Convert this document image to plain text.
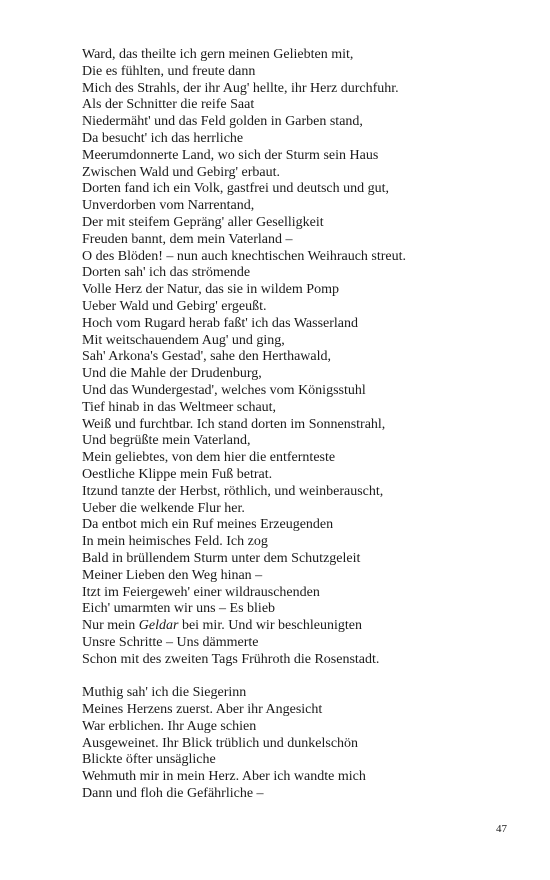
Ward, das theilte ich gern meinen Geliebten mit,
Die es fühlten, und freute dann
Mich des Strahls, der ihr Aug' hellte, ihr Herz durchfuhr.
Als der Schnitter die reife Saat
Niedermäht' und das Feld golden in Garben stand,
Da besucht' ich das herrliche
Meerumdonnerte Land, wo sich der Sturm sein Haus
Zwischen Wald und Gebirg' erbaut.
Dorten fand ich ein Volk, gastfrei und deutsch und gut,
Unverdorben vom Narrentand,
Der mit steifem Gepräng' aller Geselligkeit
Freuden bannt, dem mein Vaterland –
O des Blöden! – nun auch knechtischen Weihrauch streut.
Dorten sah' ich das strömende
Volle Herz der Natur, das sie in wildem Pomp
Ueber Wald und Gebirg' ergeußt.
Hoch vom Rugard herab faßt' ich das Wasserland
Mit weitschauendem Aug' und ging,
Sah' Arkona's Gestad', sahe den Herthawald,
Und die Mahle der Drudenburg,
Und das Wundergestad', welches vom Königsstuhl
Tief hinab in das Weltmeer schaut,
Weiß und furchtbar. Ich stand dorten im Sonnenstrahl,
Und begrüßte mein Vaterland,
Mein geliebtes, von dem hier die entfernteste
Oestliche Klippe mein Fuß betrat.
Itzund tanzte der Herbst, röthlich, und weinberauscht,
Ueber die welkende Flur her.
Da entbot mich ein Ruf meines Erzeugenden
In mein heimisches Feld. Ich zog
Bald in brüllendem Sturm unter dem Schutzgeleit
Meiner Lieben den Weg hinan –
Itzt im Feiergeweh' einer wildrauschenden
Eich' umarmten wir uns – Es blieb
Nur mein Geldar bei mir. Und wir beschleunigten
Unsre Schritte – Uns dämmerte
Schon mit des zweiten Tags Frühroth die Rosenstadt.
Muthig sah' ich die Siegerinn
Meines Herzens zuerst. Aber ihr Angesicht
War erblichen. Ihr Auge schien
Ausgeweinet. Ihr Blick trüblich und dunkelschön
Blickte öfter unsägliche
Wehmuth mir in mein Herz. Aber ich wandte mich
Dann und floh die Gefährliche –
47
